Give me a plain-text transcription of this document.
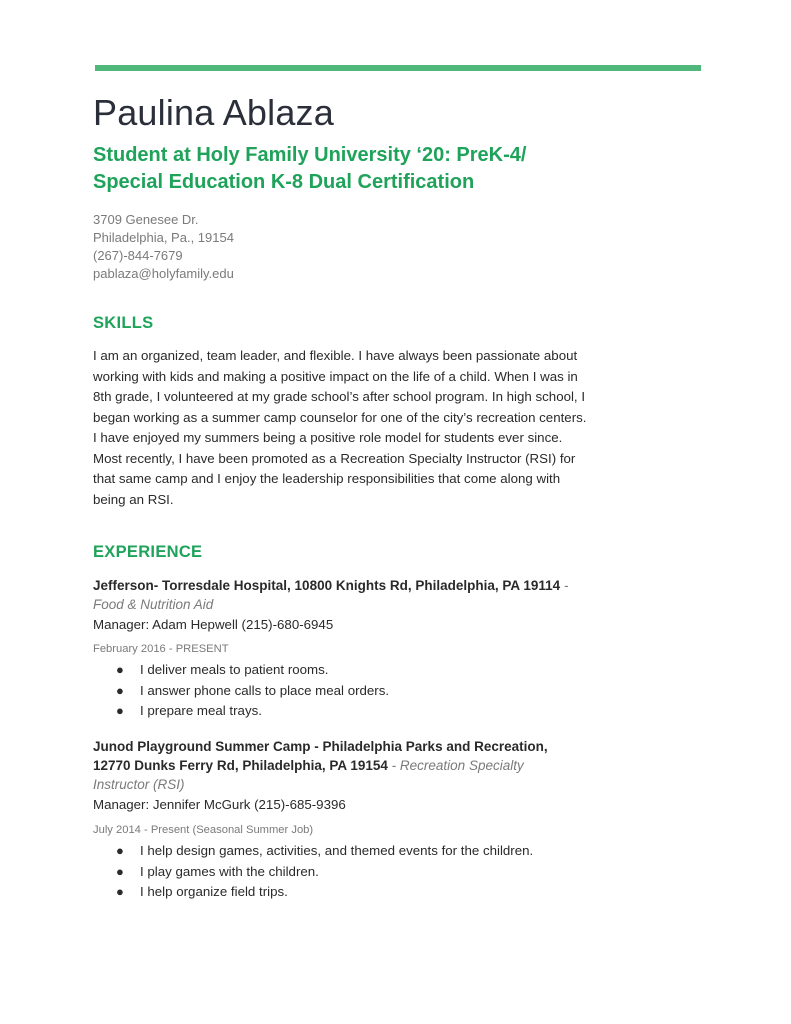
Paulina Ablaza
Student at Holy Family University ‘20: PreK-4/
Special Education K-8 Dual Certification
3709 Genesee Dr.
Philadelphia, Pa., 19154
(267)-844-7679
pablaza@holyfamily.edu
SKILLS

I am an organized, team leader, and flexible. I have always been passionate about working with kids and making a positive impact on the life of a child. When I was in 8th grade, I volunteered at my grade school’s after school program. In high school, I began working as a summer camp counselor for one of the city’s recreation centers. I have enjoyed my summers being a positive role model for students ever since. Most recently, I have been promoted as a Recreation Specialty Instructor (RSI) for that same camp and I enjoy the leadership responsibilities that come along with being an RSI.

EXPERIENCE
Jefferson- Torresdale Hospital, 10800 Knights Rd, Philadelphia, PA 19114 - Food & Nutrition Aid
Manager: Adam Hepwell (215)-680-6945
February 2016 - PRESENT
● I deliver meals to patient rooms.
● I answer phone calls to place meal orders.
● I prepare meal trays.
Junod Playground Summer Camp - Philadelphia Parks and Recreation, 12770 Dunks Ferry Rd, Philadelphia, PA 19154 - Recreation Specialty Instructor (RSI)
Manager: Jennifer McGurk (215)-685-9396
July 2014 - Present (Seasonal Summer Job)
● I help design games, activities, and themed events for the children.
● I play games with the children.
● I help organize field trips.
